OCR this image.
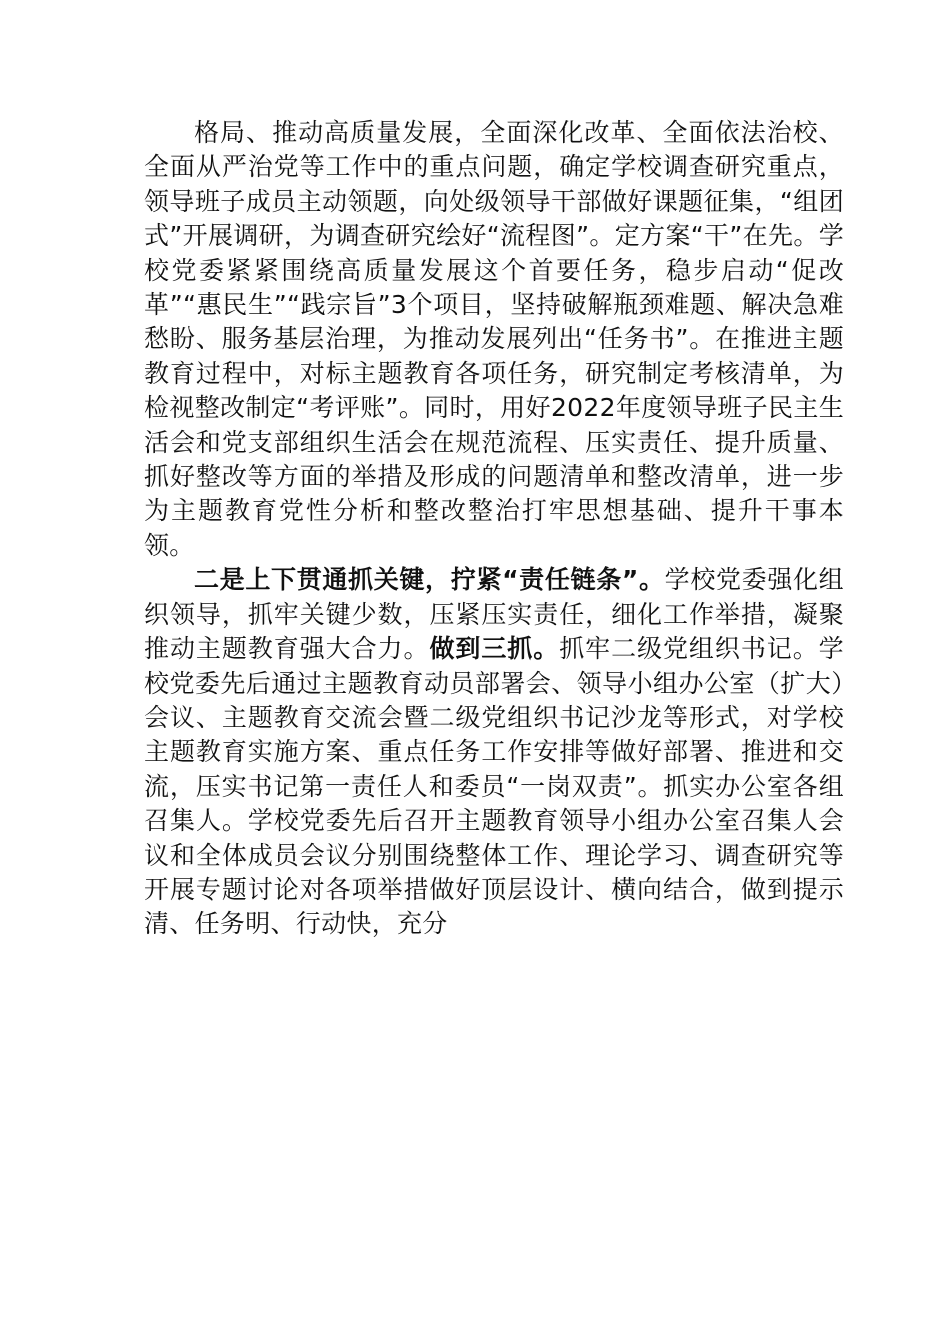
格局、推动高质量发展，全面深化改革、全面依法治校、全面从严治党等工作中的重点问题，确定学校调查研究重点，领导班子成员主动领题，向处级领导干部做好课题征集，“组团式”开展调研，为调查研究绘好“流程图”。定方案“干”在先。学校党委紧紧围绕高质量发展这个首要任务，稳步启动“促改革”“惠民生”“践宗旨”3个项目，坚持破解瓶颈难题、解决急难愁盼、服务基层治理，为推动发展列出“任务书”。在推进主题教育过程中，对标主题教育各项任务，研究制定考核清单，为检视整改制定“考评账”。同时，用好2022年度领导班子民主生活会和党支部组织生活会在规范流程、压实责任、提升质量、抓好整改等方面的举措及形成的问题清单和整改清单，进一步为主题教育党性分析和整改整治打牢思想基础、提升干事本领。

二是上下贯通抓关键，拧紧“责任链条”。学校党委强化组织领导，抓牢关键少数，压紧压实责任，细化工作举措，凝聚推动主题教育强大合力。做到三抓。抓牢二级党组织书记。学校党委先后通过主题教育动员部署会、领导小组办公室（扩大）会议、主题教育交流会暨二级党组织书记沙龙等形式，对学校主题教育实施方案、重点任务工作安排等做好部署、推进和交流，压实书记第一责任人和委员“一岗双责”。抓实办公室各组召集人。学校党委先后召开主题教育领导小组办公室召集人会议和全体成员会议分别围绕整体工作、理论学习、调查研究等开展专题讨论对各项举措做好顶层设计、横向结合，做到提示清、任务明、行动快，充分
